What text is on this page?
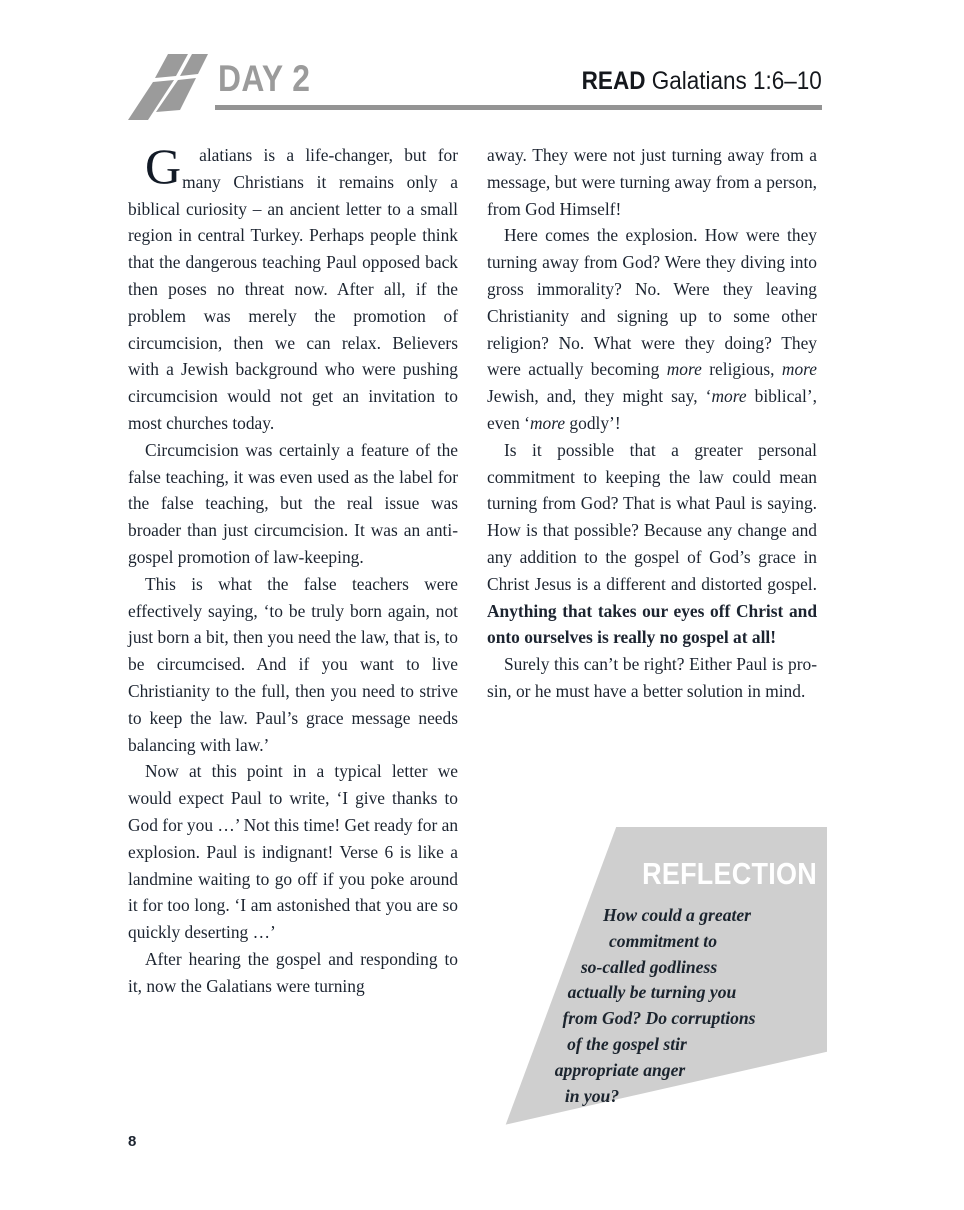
DAY 2	READ Galatians 1:6–10

G alatians is a life-changer, but for many Christians it remains only a biblical curiosity – an ancient letter to a small region in central Turkey. Perhaps people think that the dangerous teaching Paul opposed back then poses no threat now. After all, if the problem was merely the promotion of circumcision, then we can relax. Believers with a Jewish background who were pushing circumcision would not get an invitation to most churches today.

Circumcision was certainly a feature of the false teaching, it was even used as the label for the false teaching, but the real issue was broader than just circumcision. It was an anti-gospel promotion of law-keeping.

This is what the false teachers were effectively saying, ‘to be truly born again, not just born a bit, then you need the law, that is, to be circumcised. And if you want to live Christianity to the full, then you need to strive to keep the law. Paul’s grace message needs balancing with law.’

Now at this point in a typical letter we would expect Paul to write, ‘I give thanks to God for you …’ Not this time! Get ready for an explosion. Paul is indignant! Verse 6 is like a landmine waiting to go off if you poke around it for too long. ‘I am astonished that you are so quickly deserting …’

After hearing the gospel and responding to it, now the Galatians were turning

away. They were not just turning away from a message, but were turning away from a person, from God Himself!

Here comes the explosion. How were they turning away from God? Were they diving into gross immorality? No. Were they leaving Christianity and signing up to some other religion? No. What were they doing? They were actually becoming more religious, more Jewish, and, they might say, ‘more biblical’, even ‘more godly’!

Is it possible that a greater personal commitment to keeping the law could mean turning from God? That is what Paul is saying. How is that possible? Because any change and any addition to the gospel of God’s grace in Christ Jesus is a different and distorted gospel. Anything that takes our eyes off Christ and onto ourselves is really no gospel at all!

Surely this can’t be right? Either Paul is pro-sin, or he must have a better solution in mind.

REFLECTION
How could a greater
commitment to
so-called godliness
actually be turning you
from God? Do corruptions
of the gospel stir
appropriate anger
in you?
8
